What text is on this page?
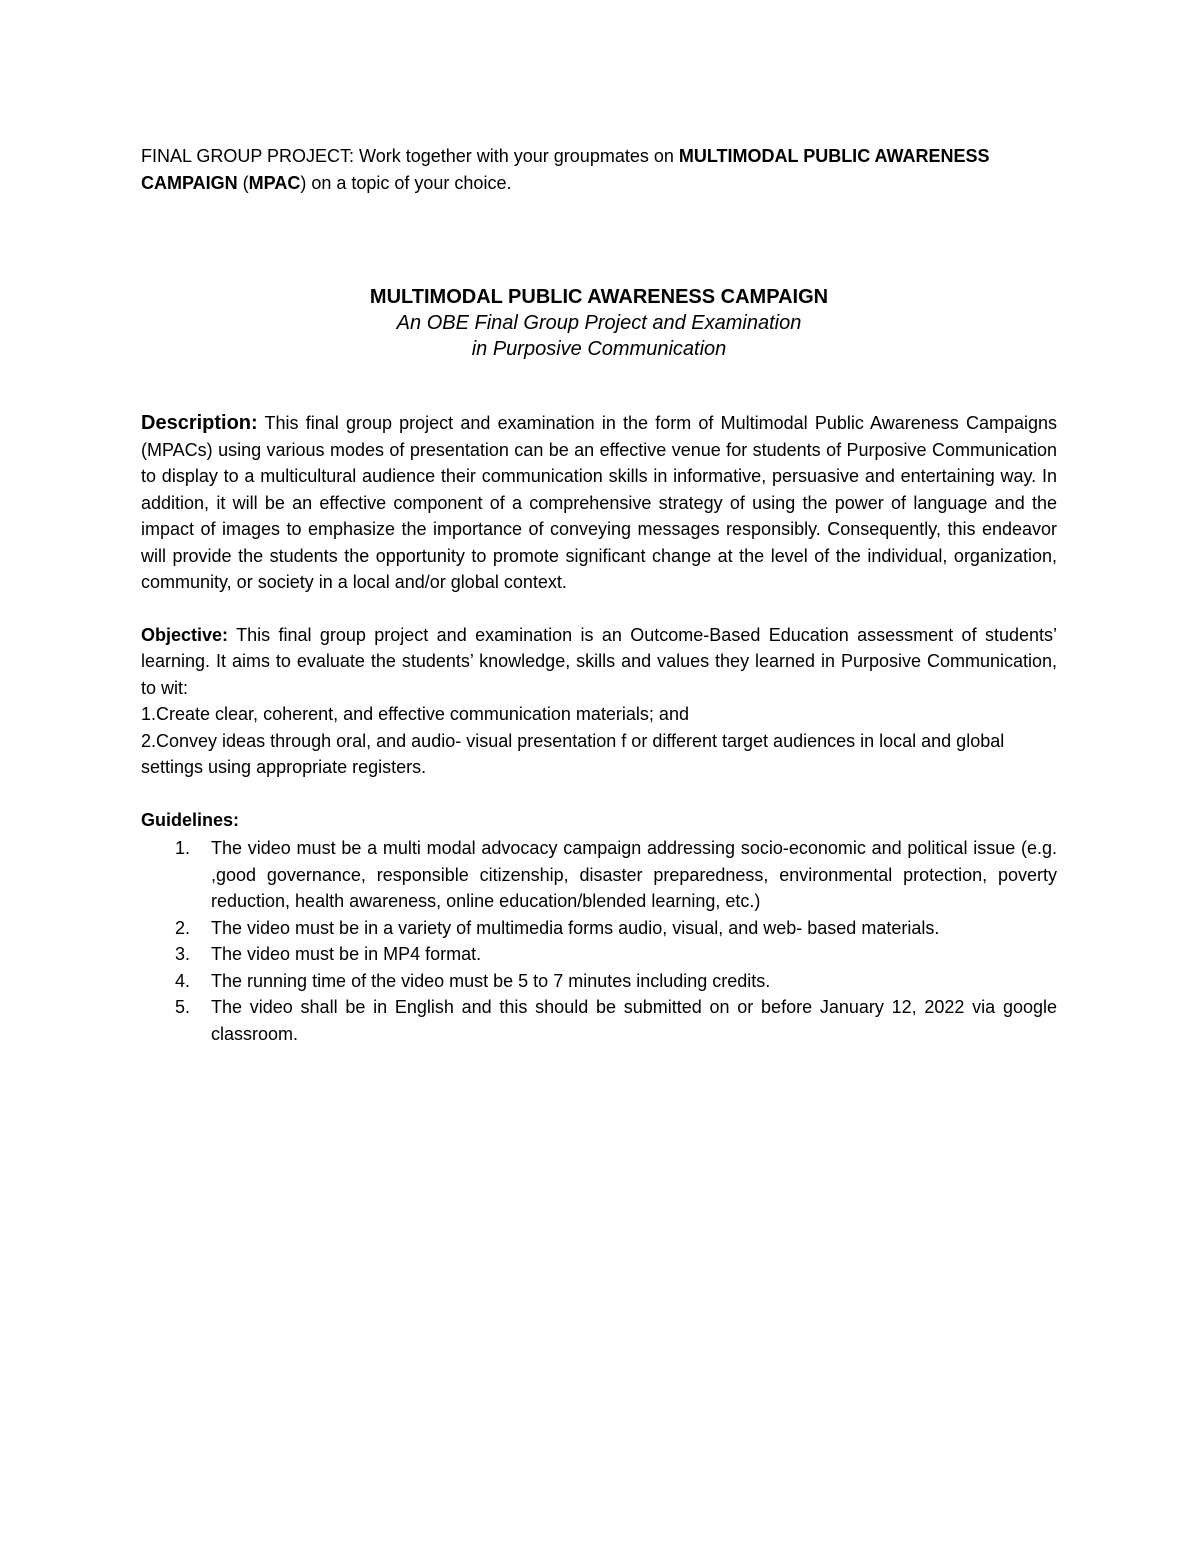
FINAL GROUP PROJECT: Work together with your groupmates on MULTIMODAL PUBLIC AWARENESS CAMPAIGN (MPAC) on a topic of your choice.

MULTIMODAL PUBLIC AWARENESS CAMPAIGN

An OBE Final Group Project and Examination

in Purposive Communication

Description: This final group project and examination in the form of Multimodal Public Awareness Campaigns (MPACs) using various modes of presentation can be an effective venue for students of Purposive Communication to display to a multicultural audience their communication skills in informative, persuasive and entertaining way. In addition, it will be an effective component of a comprehensive strategy of using the power of language and the impact of images to emphasize the importance of conveying messages responsibly. Consequently, this endeavor will provide the students the opportunity to promote significant change at the level of the individual, organization, community, or society in a local and/or global context.

Objective: This final group project and examination is an Outcome-Based Education assessment of students’ learning. It aims to evaluate the students’ knowledge, skills and values they learned in Purposive Communication, to wit:

1.Create clear, coherent, and effective communication materials; and

2.Convey ideas through oral, and audio- visual presentation f or different target audiences in local and global settings using appropriate registers.

Guidelines:

1. The video must be a multi modal advocacy campaign addressing socio-economic and political issue (e.g. ,good governance, responsible citizenship, disaster preparedness, environmental protection, poverty reduction, health awareness, online education/blended learning, etc.)
2. The video must be in a variety of multimedia forms audio, visual, and web- based materials.
3. The video must be in MP4 format.
4. The running time of the video must be 5 to 7 minutes including credits.
5. The video shall be in English and this should be submitted on or before January 12, 2022 via google classroom.
